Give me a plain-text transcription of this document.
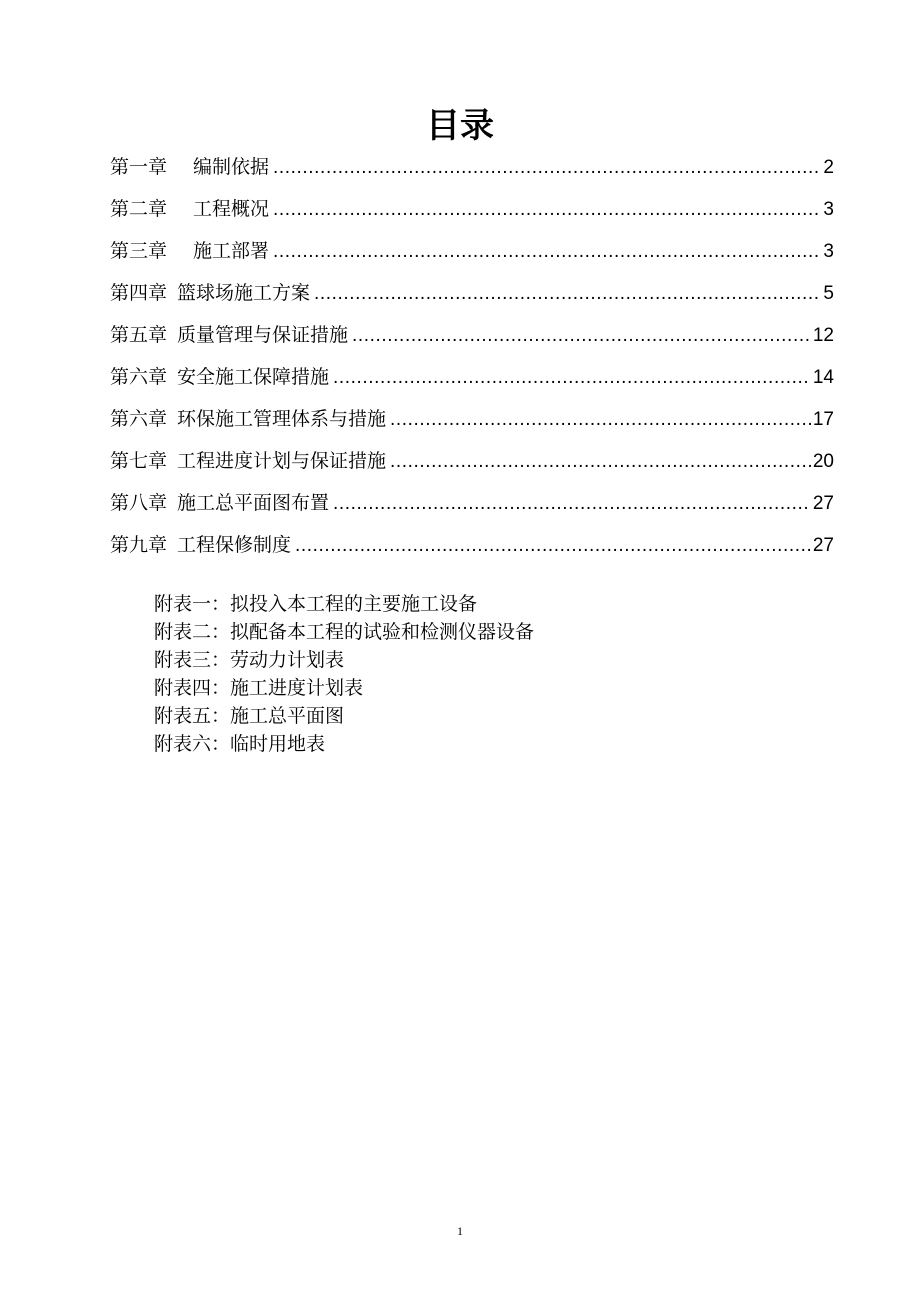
目录
第一章 编制依据 .....	2
第二章 工程概况 .....	3
第三章 施工部署 .....	3
第四章 篮球场施工方案 .....	5
第五章 质量管理与保证措施 .....	12
第六章 安全施工保障措施 .....	14
第六章 环保施工管理体系与措施 .....	17
第七章 工程进度计划与保证措施 .....	20
第八章 施工总平面图布置 .....	27
第九章 工程保修制度 .....	27
附表一：拟投入本工程的主要施工设备
附表二：拟配备本工程的试验和检测仪器设备
附表三：劳动力计划表
附表四：施工进度计划表
附表五：施工总平面图
附表六：临时用地表
1
